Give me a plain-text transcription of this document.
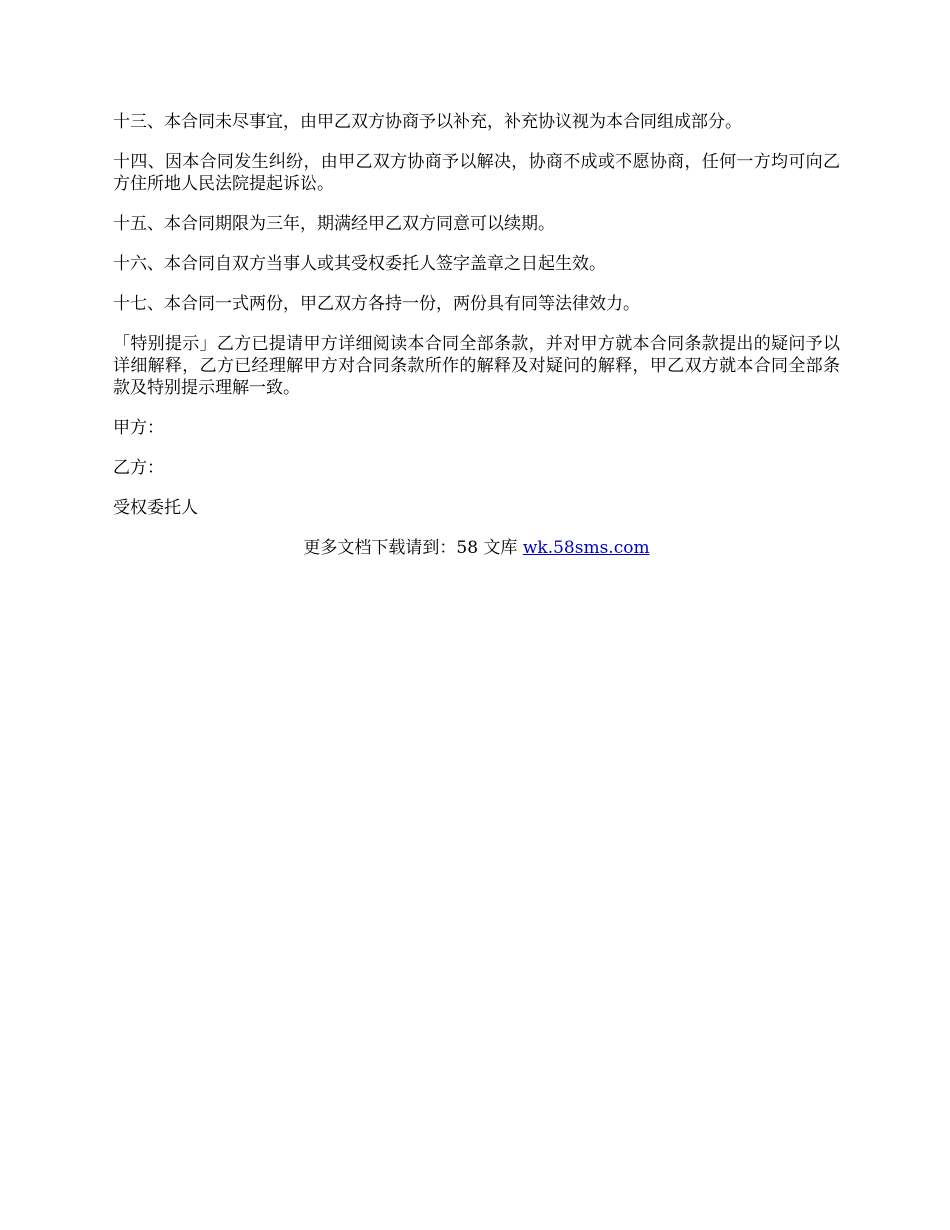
十三、本合同未尽事宜，由甲乙双方协商予以补充，补充协议视为本合同组成部分。

十四、因本合同发生纠纷，由甲乙双方协商予以解决，协商不成或不愿协商，任何一方均可向乙方住所地人民法院提起诉讼。

十五、本合同期限为三年，期满经甲乙双方同意可以续期。

十六、本合同自双方当事人或其受权委托人签字盖章之日起生效。

十七、本合同一式两份，甲乙双方各持一份，两份具有同等法律效力。

「特别提示」乙方已提请甲方详细阅读本合同全部条款，并对甲方就本合同条款提出的疑问予以详细解释，乙方已经理解甲方对合同条款所作的解释及对疑问的解释，甲乙双方就本合同全部条款及特别提示理解一致。

甲方：

乙方：

受权委托人

更多文档下载请到：58 文库 wk.58sms.com
